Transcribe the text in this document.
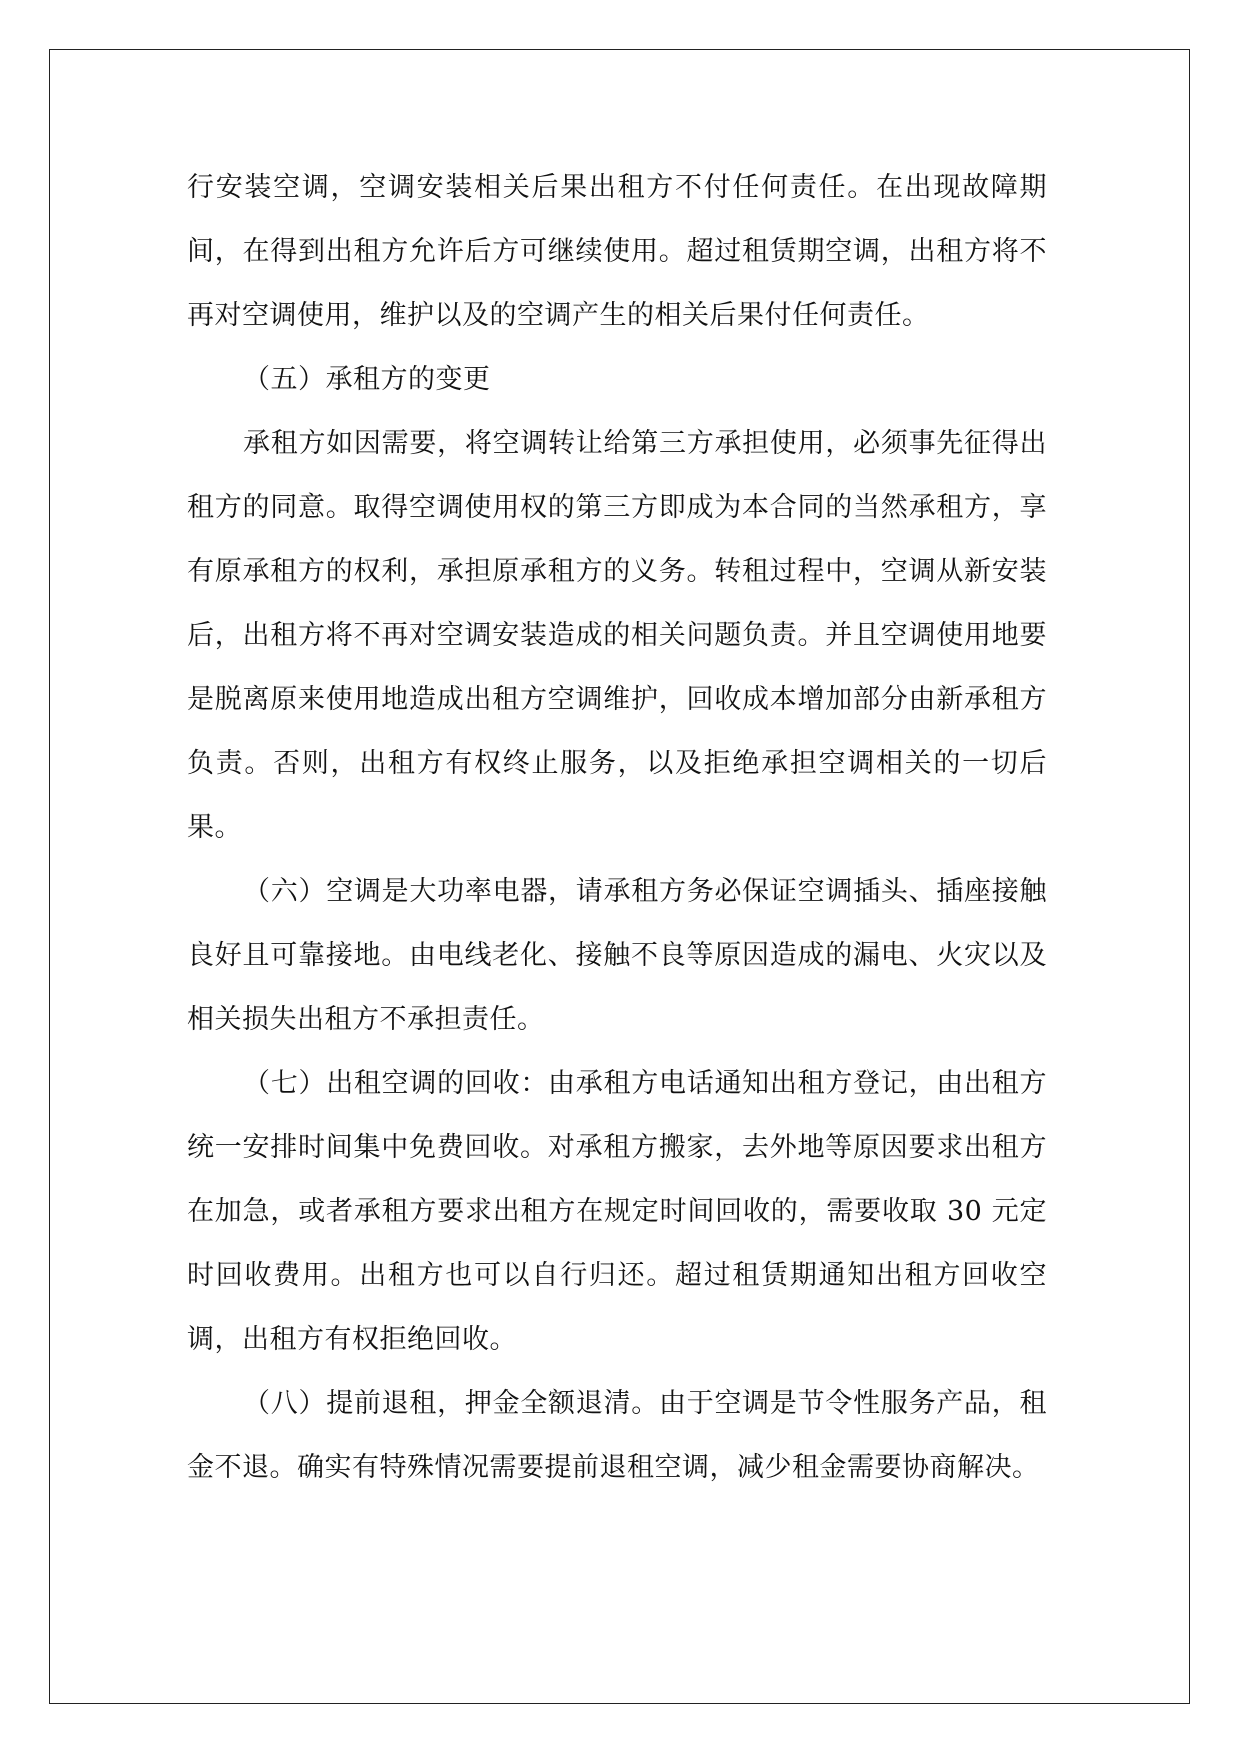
行安装空调，空调安装相关后果出租方不付任何责任。在出现故障期间，在得到出租方允许后方可继续使用。超过租赁期空调，出租方将不再对空调使用，维护以及的空调产生的相关后果付任何责任。

（五）承租方的变更

承租方如因需要，将空调转让给第三方承担使用，必须事先征得出租方的同意。取得空调使用权的第三方即成为本合同的当然承租方，享有原承租方的权利，承担原承租方的义务。转租过程中，空调从新安装后，出租方将不再对空调安装造成的相关问题负责。并且空调使用地要是脱离原来使用地造成出租方空调维护，回收成本增加部分由新承租方负责。否则，出租方有权终止服务，以及拒绝承担空调相关的一切后果。

（六）空调是大功率电器，请承租方务必保证空调插头、插座接触良好且可靠接地。由电线老化、接触不良等原因造成的漏电、火灾以及相关损失出租方不承担责任。

（七）出租空调的回收：由承租方电话通知出租方登记，由出租方统一安排时间集中免费回收。对承租方搬家，去外地等原因要求出租方在加急，或者承租方要求出租方在规定时间回收的，需要收取 30 元定时回收费用。出租方也可以自行归还。超过租赁期通知出租方回收空调，出租方有权拒绝回收。

（八）提前退租，押金全额退清。由于空调是节令性服务产品，租金不退。确实有特殊情况需要提前退租空调，减少租金需要协商解决。
